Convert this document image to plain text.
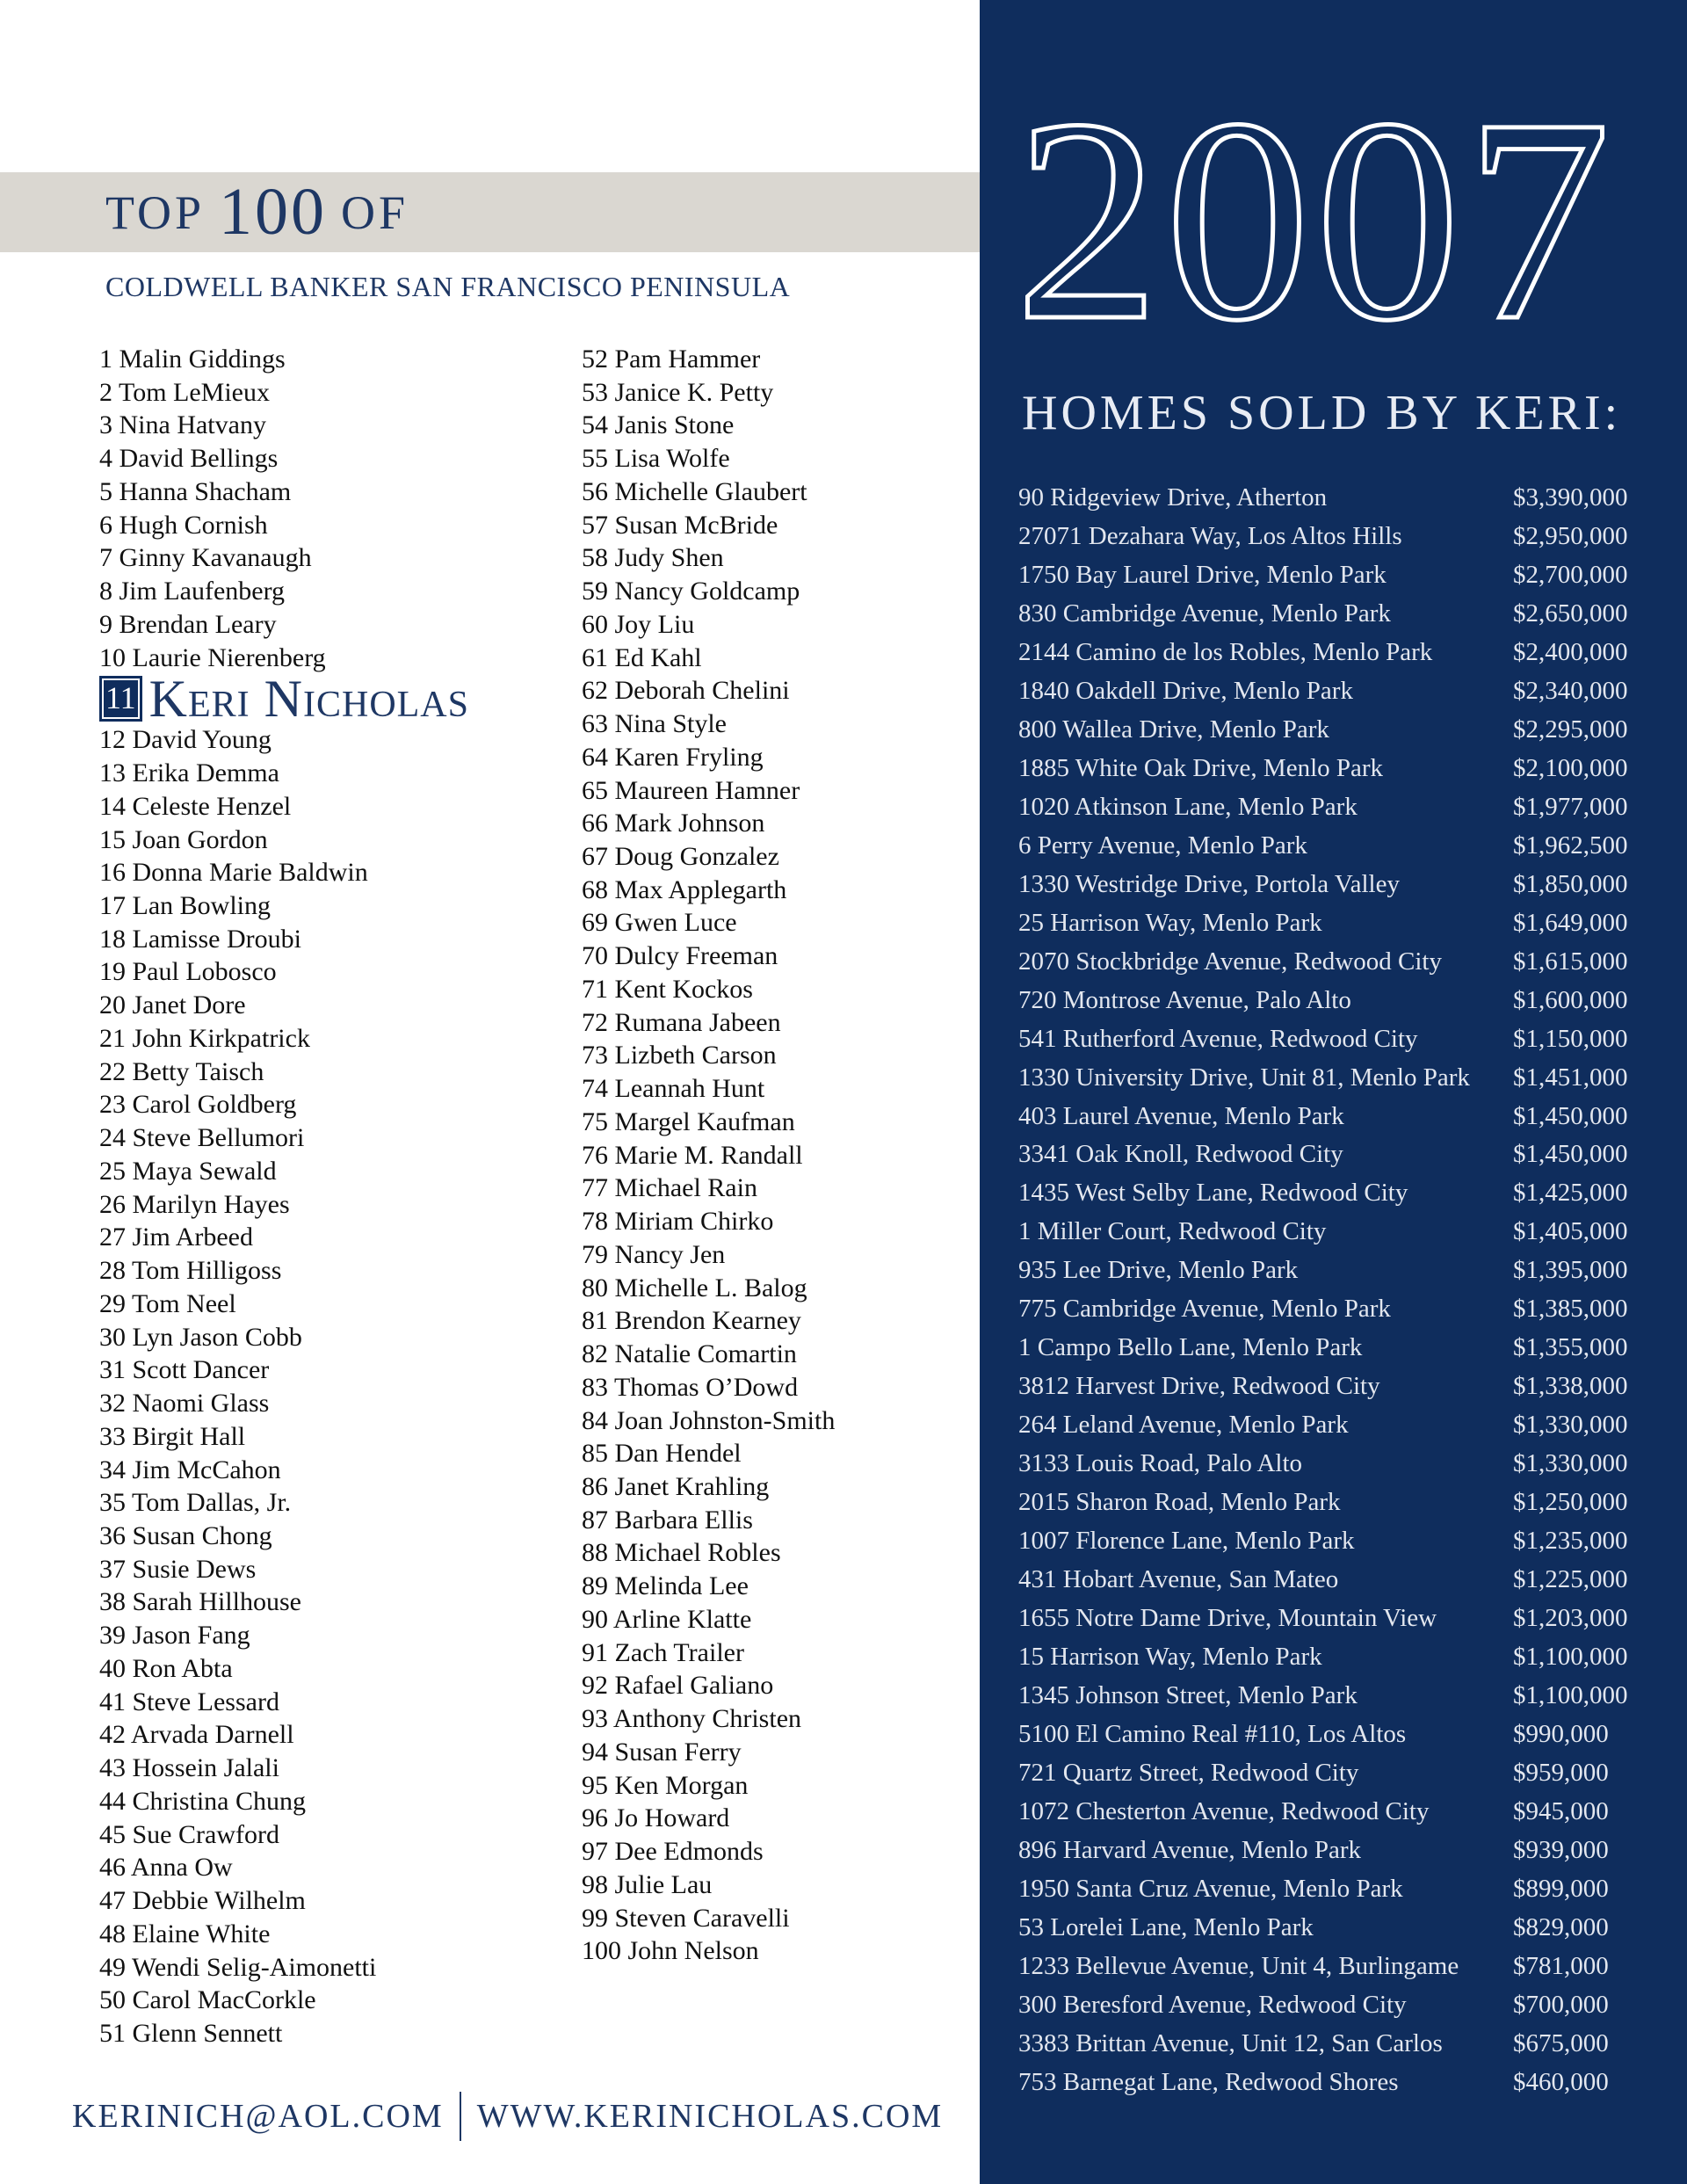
TOP 100 OF
COLDWELL BANKER SAN FRANCISCO PENINSULA
1 Malin Giddings
2 Tom LeMieux
3 Nina Hatvany
4 David Bellings
5 Hanna Shacham
6 Hugh Cornish
7 Ginny Kavanaugh
8 Jim Laufenberg
9 Brendan Leary
10 Laurie Nierenberg
11 Keri Nicholas
12 David Young
13 Erika Demma
14 Celeste Henzel
15 Joan Gordon
16 Donna Marie Baldwin
17 Lan Bowling
18 Lamisse Droubi
19 Paul Lobosco
20 Janet Dore
21 John Kirkpatrick
22 Betty Taisch
23 Carol Goldberg
24 Steve Bellumori
25 Maya Sewald
26 Marilyn Hayes
27 Jim Arbeed
28 Tom Hilligoss
29 Tom Neel
30 Lyn Jason Cobb
31 Scott Dancer
32 Naomi Glass
33 Birgit Hall
34 Jim McCahon
35 Tom Dallas, Jr.
36 Susan Chong
37 Susie Dews
38 Sarah Hillhouse
39 Jason Fang
40 Ron Abta
41 Steve Lessard
42 Arvada Darnell
43 Hossein Jalali
44 Christina Chung
45 Sue Crawford
46 Anna Ow
47 Debbie Wilhelm
48 Elaine White
49 Wendi Selig-Aimonetti
50 Carol MacCorkle
51 Glenn Sennett
52 Pam Hammer
53 Janice K. Petty
54 Janis Stone
55 Lisa Wolfe
56 Michelle Glaubert
57 Susan McBride
58 Judy Shen
59 Nancy Goldcamp
60 Joy Liu
61 Ed Kahl
62 Deborah Chelini
63 Nina Style
64 Karen Fryling
65 Maureen Hamner
66 Mark Johnson
67 Doug Gonzalez
68 Max Applegarth
69 Gwen Luce
70 Dulcy Freeman
71 Kent Kockos
72 Rumana Jabeen
73 Lizbeth Carson
74 Leannah Hunt
75 Margel Kaufman
76 Marie M. Randall
77 Michael Rain
78 Miriam Chirko
79 Nancy Jen
80 Michelle L. Balog
81 Brendon Kearney
82 Natalie Comartin
83 Thomas O’Dowd
84 Joan Johnston-Smith
85 Dan Hendel
86 Janet Krahling
87 Barbara Ellis
88 Michael Robles
89 Melinda Lee
90 Arline Klatte
91 Zach Trailer
92 Rafael Galiano
93 Anthony Christen
94 Susan Ferry
95 Ken Morgan
96 Jo Howard
97 Dee Edmonds
98 Julie Lau
99 Steven Caravelli
100 John Nelson
KERINICH@AOL.COM WWW.KERINICHOLAS.COM
2007
HOMES SOLD BY KERI:
90 Ridgeview Drive, Atherton	$3,390,000
27071 Dezahara Way, Los Altos Hills	$2,950,000
1750 Bay Laurel Drive, Menlo Park	$2,700,000
830 Cambridge Avenue, Menlo Park	$2,650,000
2144 Camino de los Robles, Menlo Park	$2,400,000
1840 Oakdell Drive, Menlo Park	$2,340,000
800 Wallea Drive, Menlo Park	$2,295,000
1885 White Oak Drive, Menlo Park	$2,100,000
1020 Atkinson Lane, Menlo Park	$1,977,000
6 Perry Avenue, Menlo Park	$1,962,500
1330 Westridge Drive, Portola Valley	$1,850,000
25 Harrison Way, Menlo Park	$1,649,000
2070 Stockbridge Avenue, Redwood City	$1,615,000
720 Montrose Avenue, Palo Alto	$1,600,000
541 Rutherford Avenue, Redwood City	$1,150,000
1330 University Drive, Unit 81, Menlo Park $1,451,000
403 Laurel Avenue, Menlo Park	$1,450,000
3341 Oak Knoll, Redwood City	$1,450,000
1435 West Selby Lane, Redwood City	$1,425,000
1 Miller Court, Redwood City	$1,405,000
935 Lee Drive, Menlo Park	$1,395,000
775 Cambridge Avenue, Menlo Park	$1,385,000
1 Campo Bello Lane, Menlo Park	$1,355,000
3812 Harvest Drive, Redwood City	$1,338,000
264 Leland Avenue, Menlo Park	$1,330,000
3133 Louis Road, Palo Alto	$1,330,000
2015 Sharon Road, Menlo Park	$1,250,000
1007 Florence Lane, Menlo Park	$1,235,000
431 Hobart Avenue, San Mateo	$1,225,000
1655 Notre Dame Drive, Mountain View	$1,203,000
15 Harrison Way, Menlo Park	$1,100,000
1345 Johnson Street, Menlo Park	$1,100,000
5100 El Camino Real #110, Los Altos	$990,000
721 Quartz Street, Redwood City	$959,000
1072 Chesterton Avenue, Redwood City	$945,000
896 Harvard Avenue, Menlo Park	$939,000
1950 Santa Cruz Avenue, Menlo Park	$899,000
53 Lorelei Lane, Menlo Park	$829,000
1233 Bellevue Avenue, Unit 4, Burlingame $781,000
300 Beresford Avenue, Redwood City	$700,000
3383 Brittan Avenue, Unit 12, San Carlos	$675,000
753 Barnegat Lane, Redwood Shores	$460,000
